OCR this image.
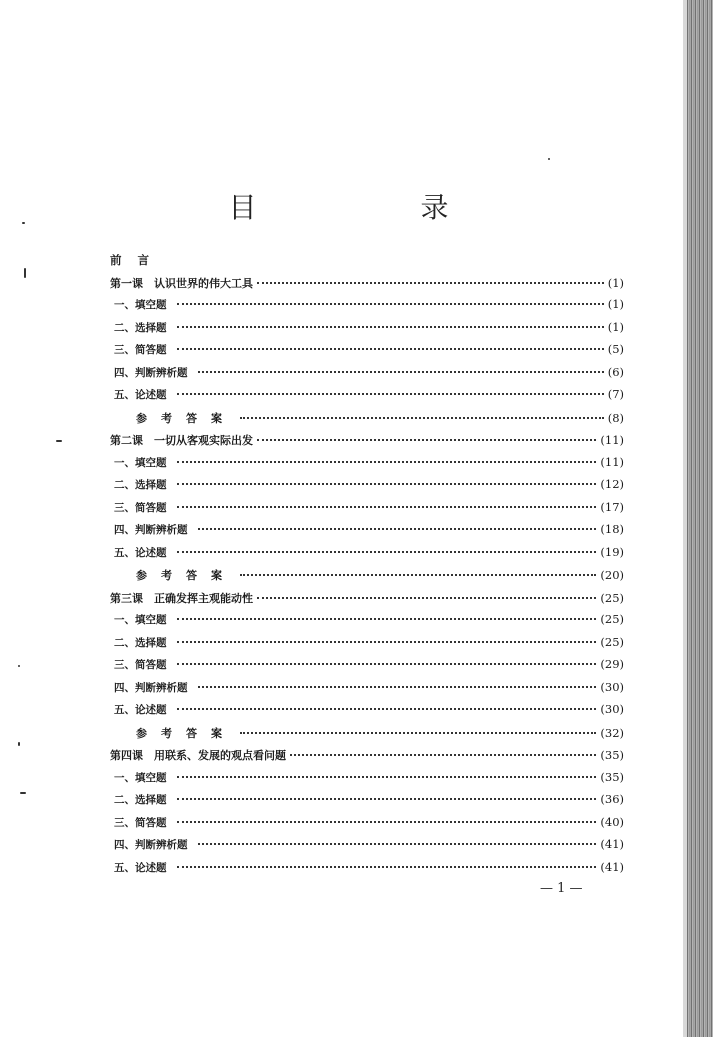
目　　录
前 言
第一课　认识世界的伟大工具	(1)
一、填空题	(1)
二、选择题	(1)
三、简答题	(5)
四、判断辨析题	(6)
五、论述题	(7)
参考答案	(8)
第二课　一切从客观实际出发	(11)
一、填空题	(11)
二、选择题	(12)
三、简答题	(17)
四、判断辨析题	(18)
五、论述题	(19)
参考答案	(20)
第三课　正确发挥主观能动性	(25)
一、填空题	(25)
二、选择题	(25)
三、简答题	(29)
四、判断辨析题	(30)
五、论述题	(30)
参考答案	(32)
第四课　用联系、发展的观点看问题	(35)
一、填空题	(35)
二、选择题	(36)
三、简答题	(40)
四、判断辨析题	(41)
五、论述题	(41)
— 1 —
